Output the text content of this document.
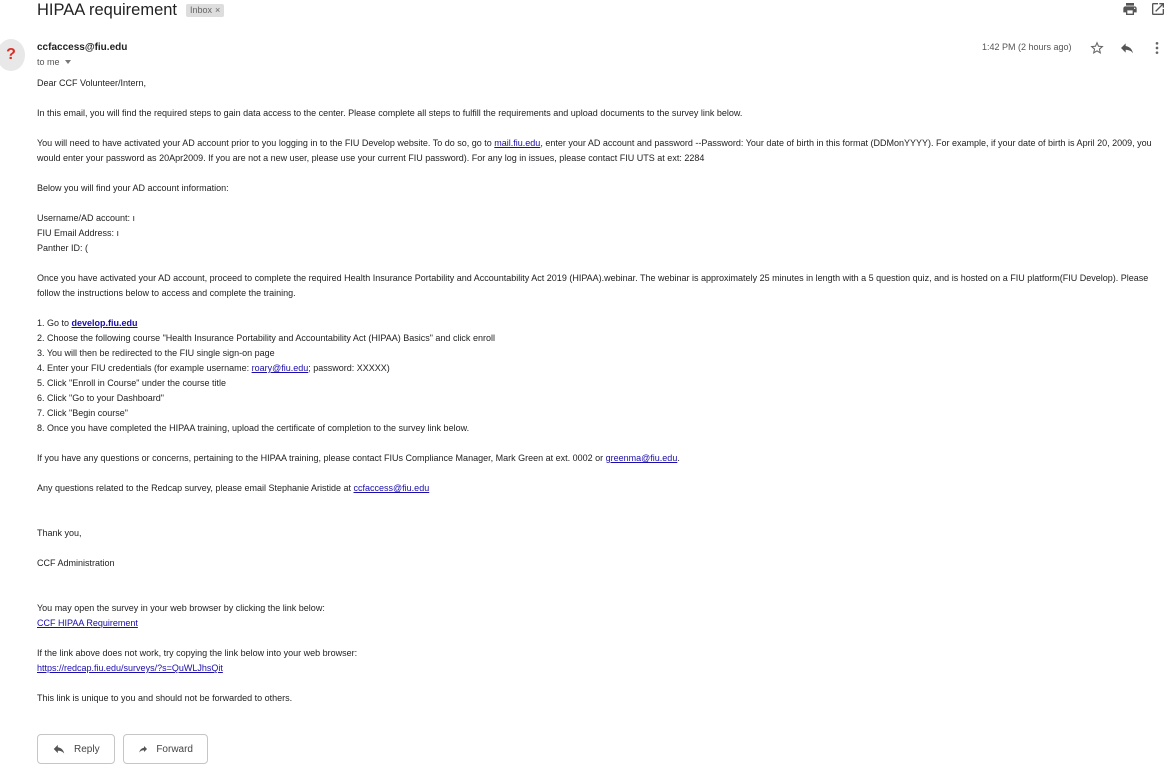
HIPAA requirement Inbox ×
? ccfaccess@fiu.edu
to me
1:42 PM (2 hours ago)
Dear CCF Volunteer/Intern,
In this email, you will find the required steps to gain data access to the center. Please complete all steps to fulfill the requirements and upload documents to the survey link below.
You will need to have activated your AD account prior to you logging in to the FIU Develop website. To do so, go to mail.fiu.edu, enter your AD account and password --Password: Your date of birth in this format (DDMonYYYY). For example, if your date of birth is April 20, 2009, you would enter your password as 20Apr2009. If you are not a new user, please use your current FIU password). For any log in issues, please contact FIU UTS at ext: 2284
Below you will find your AD account information:
Username/AD account: ı
FIU Email Address: ı
Panther ID: (
Once you have activated your AD account, proceed to complete the required Health Insurance Portability and Accountability Act 2019 (HIPAA).webinar. The webinar is approximately 25 minutes in length with a 5 question quiz, and is hosted on a FIU platform(FIU Develop). Please follow the instructions below to access and complete the training.
1. Go to develop.fiu.edu
2. Choose the following course "Health Insurance Portability and Accountability Act (HIPAA) Basics" and click enroll
3. You will then be redirected to the FIU single sign-on page
4. Enter your FIU credentials (for example username: roary@fiu.edu; password: XXXXX)
5. Click "Enroll in Course" under the course title
6. Click "Go to your Dashboard"
7. Click "Begin course"
8. Once you have completed the HIPAA training, upload the certificate of completion to the survey link below.
If you have any questions or concerns, pertaining to the HIPAA training, please contact FIUs Compliance Manager, Mark Green at ext. 0002 or greenma@fiu.edu.
Any questions related to the Redcap survey, please email Stephanie Aristide at ccfaccess@fiu.edu
Thank you,
CCF Administration
You may open the survey in your web browser by clicking the link below:
CCF HIPAA Requirement
If the link above does not work, try copying the link below into your web browser:
https://redcap.fiu.edu/surveys/?s=QuWLJhsQit
This link is unique to you and should not be forwarded to others.
Reply	Forward
